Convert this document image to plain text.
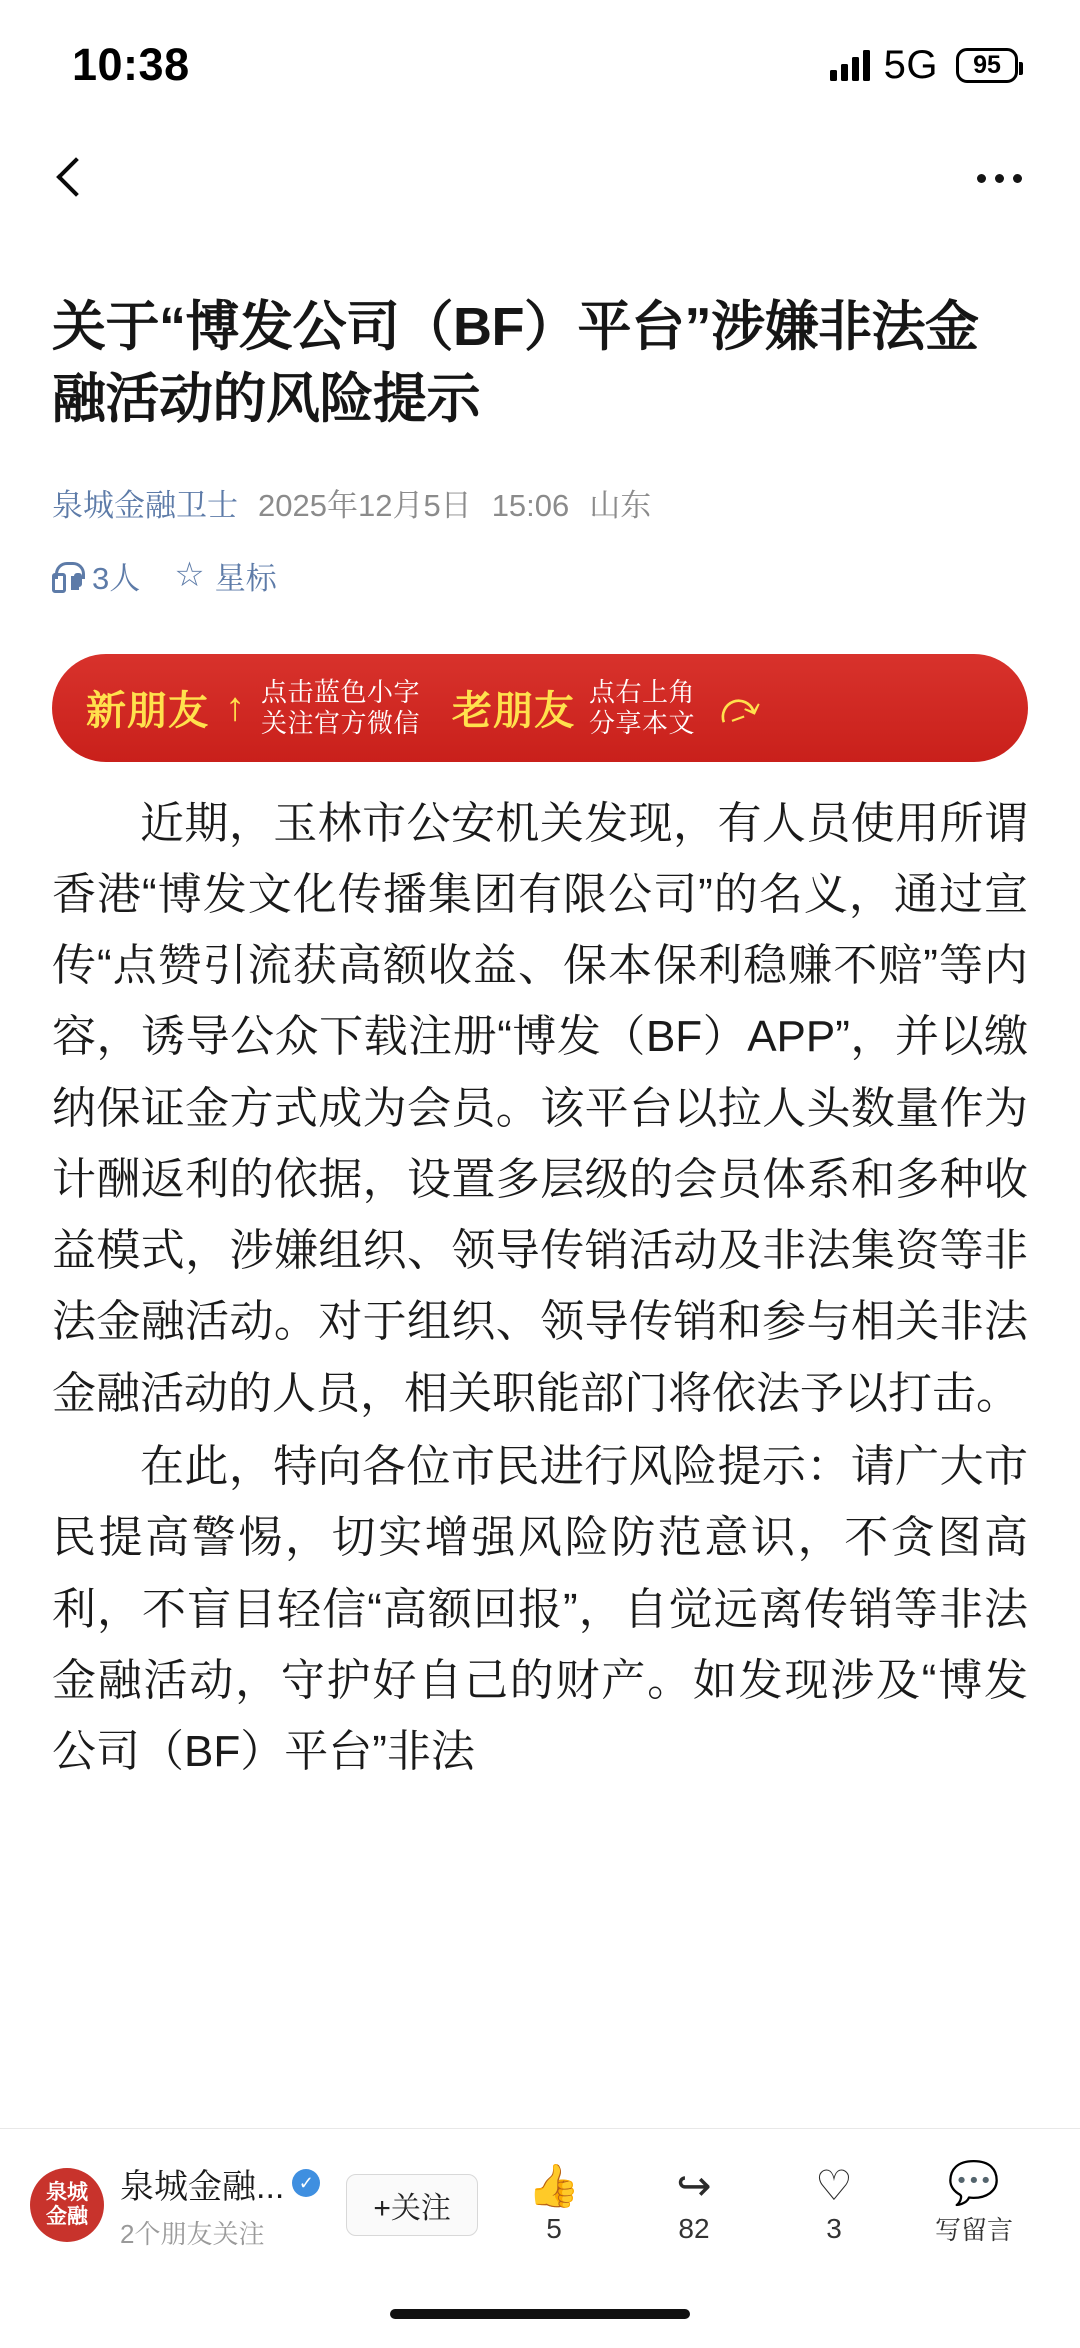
10:38	5G 95
关于“博发公司（BF）平台”涉嫌非法金融活动的风险提示
泉城金融卫士 2025年12月5日 15:06 山东
3人 ☆ 星标
新朋友 ↑ 点击蓝色小字
关注官方微信 老朋友 点右上角
分享本文 ⤼

近期，玉林市公安机关发现，有人员使用所谓香港“博发文化传播集团有限公司”的名义，通过宣传“点赞引流获高额收益、保本保利稳赚不赔”等内容，诱导公众下载注册“博发（BF）APP”，并以缴纳保证金方式成为会员。该平台以拉人头数量作为计酬返利的依据，设置多层级的会员体系和多种收益模式，涉嫌组织、领导传销活动及非法集资等非法金融活动。对于组织、领导传销和参与相关非法金融活动的人员，相关职能部门将依法予以打击。

在此，特向各位市民进行风险提示：请广大市民提高警惕，切实增强风险防范意识，不贪图高利，不盲目轻信“高额回报”，自觉远离传销等非法金融活动，守护好自己的财产。如发现涉及“博发公司（BF）平台”非法

泉城
金融
泉城金融... ✓
2个朋友关注
+关注	👍
5
↪
82
♡
3
💬
写留言
